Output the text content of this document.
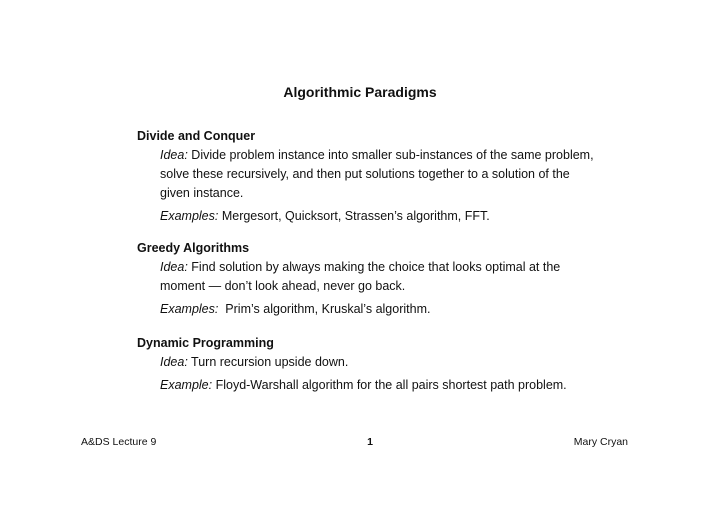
Algorithmic Paradigms
Divide and Conquer
Idea: Divide problem instance into smaller sub-instances of the same problem, solve these recursively, and then put solutions together to a solution of the given instance.
Examples: Mergesort, Quicksort, Strassen’s algorithm, FFT.
Greedy Algorithms
Idea: Find solution by always making the choice that looks optimal at the moment — don’t look ahead, never go back.
Examples:  Prim’s algorithm, Kruskal’s algorithm.
Dynamic Programming
Idea: Turn recursion upside down.
Example: Floyd-Warshall algorithm for the all pairs shortest path problem.
A&DS Lecture 9	1	Mary Cryan
